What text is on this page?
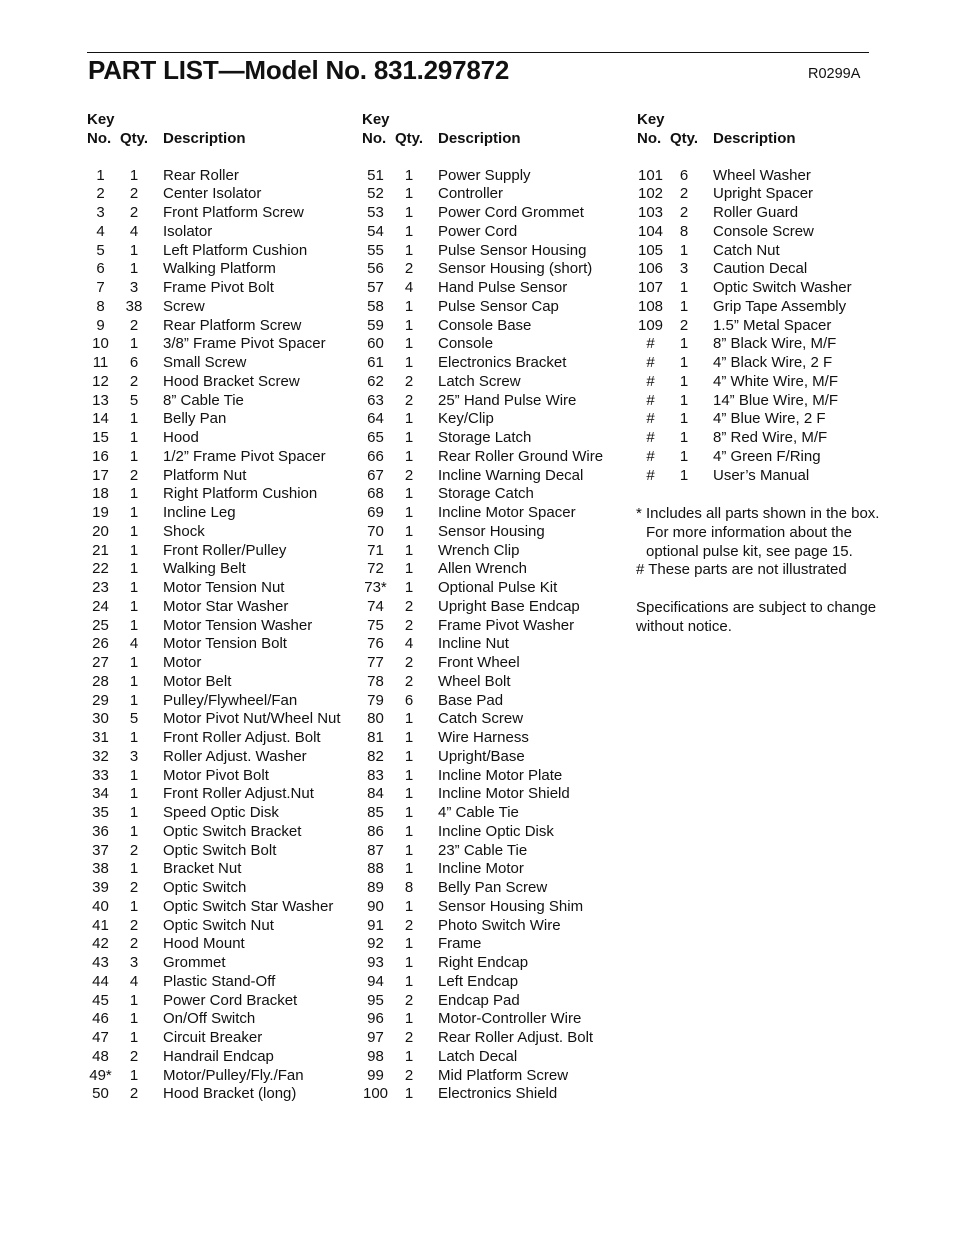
PART LIST—Model No. 831.297872	R0299A
Key
No. Qty. Description
1	1	Rear Roller
2	2	Center Isolator
3	2	Front Platform Screw
4	4	Isolator
5	1	Left Platform Cushion
6	1	Walking Platform
7	3	Frame Pivot Bolt
8	38 Screw
9	2	Rear Platform Screw
10	1	3/8” Frame Pivot Spacer
11	6	Small Screw
12	2	Hood Bracket Screw
13	5	8” Cable Tie
14	1	Belly Pan
15	1	Hood
16	1	1/2” Frame Pivot Spacer
17	2	Platform Nut
18	1	Right Platform Cushion
19	1	Incline Leg
20	1	Shock
21	1	Front Roller/Pulley
22	1	Walking Belt
23	1	Motor Tension Nut
24	1	Motor Star Washer
25	1	Motor Tension Washer
26	4	Motor Tension Bolt
27	1	Motor
28	1	Motor Belt
29	1	Pulley/Flywheel/Fan
30	5	Motor Pivot Nut/Wheel Nut
31	1	Front Roller Adjust. Bolt
32	3	Roller Adjust. Washer
33	1	Motor Pivot Bolt
34	1	Front Roller Adjust.Nut
35	1	Speed Optic Disk
36	1	Optic Switch Bracket
37	2	Optic Switch Bolt
38	1	Bracket Nut
39	2	Optic Switch
40	1	Optic Switch Star Washer
41	2	Optic Switch Nut
42	2	Hood Mount
43	3	Grommet
44	4	Plastic Stand-Off
45	1	Power Cord Bracket
46	1	On/Off Switch
47	1	Circuit Breaker
48	2	Handrail Endcap
49*	1	Motor/Pulley/Fly./Fan
50	2	Hood Bracket (long)
Key
No. Qty. Description
51	1	Power Supply
52	1	Controller
53	1	Power Cord Grommet
54	1	Power Cord
55	1	Pulse Sensor Housing
56	2	Sensor Housing (short)
57	4	Hand Pulse Sensor
58	1	Pulse Sensor Cap
59	1	Console Base
60	1	Console
61	1	Electronics Bracket
62	2	Latch Screw
63	2	25” Hand Pulse Wire
64	1	Key/Clip
65	1	Storage Latch
66	1	Rear Roller Ground Wire
67	2	Incline Warning Decal
68	1	Storage Catch
69	1	Incline Motor Spacer
70	1	Sensor Housing
71	1	Wrench Clip
72	1	Allen Wrench
73*	1	Optional Pulse Kit
74	2	Upright Base Endcap
75	2	Frame Pivot Washer
76	4	Incline Nut
77	2	Front Wheel
78	2	Wheel Bolt
79	6	Base Pad
80	1	Catch Screw
81	1	Wire Harness
82	1	Upright/Base
83	1	Incline Motor Plate
84	1	Incline Motor Shield
85	1	4” Cable Tie
86	1	Incline Optic Disk
87	1	23” Cable Tie
88	1	Incline Motor
89	8	Belly Pan Screw
90	1	Sensor Housing Shim
91	2	Photo Switch Wire
92	1	Frame
93	1	Right Endcap
94	1	Left Endcap
95	2	Endcap Pad
96	1	Motor-Controller Wire
97	2	Rear Roller Adjust. Bolt
98	1	Latch Decal
99	2	Mid Platform Screw
100	1	Electronics Shield
Key
No. Qty. Description
101	6	Wheel Washer
102	2	Upright Spacer
103	2	Roller Guard
104	8	Console Screw
105	1	Catch Nut
106	3	Caution Decal
107	1	Optic Switch Washer
108	1	Grip Tape Assembly
109	2	1.5” Metal Spacer
#	1	8” Black Wire, M/F
#	1	4” Black Wire, 2 F
#	1	4” White Wire, M/F
#	1	14” Blue Wire, M/F
#	1	4” Blue Wire, 2 F
#	1	8” Red Wire, M/F
#	1	4” Green F/Ring
#	1	User’s Manual

* Includes all parts shown in the box.

For more information about the

optional pulse kit, see page 15.

# These parts are not illustrated

Specifications are subject to change

without notice.
